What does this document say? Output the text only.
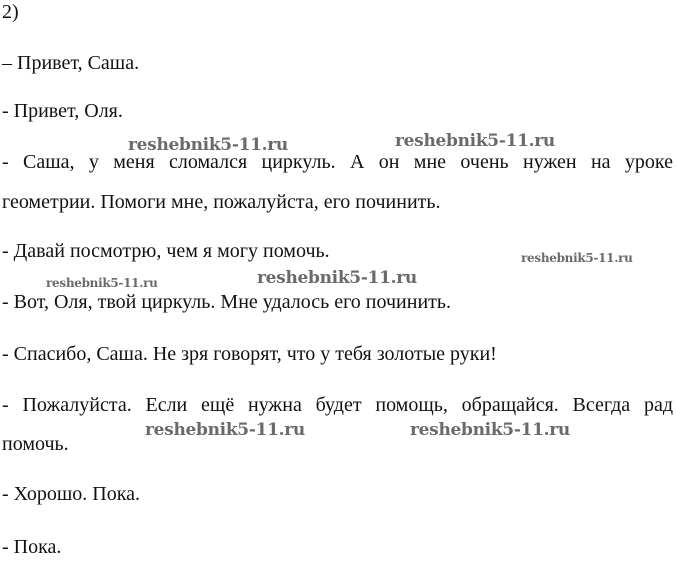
2)
– Привет, Саша.
- Привет, Оля.
- Саша, у меня сломался циркуль. А он мне очень нужен на уроке
геометрии. Помоги мне, пожалуйста, его починить.
- Давай посмотрю, чем я могу помочь.
- Вот, Оля, твой циркуль. Мне удалось его починить.
- Спасибо, Саша. Не зря говорят, что у тебя золотые руки!
- Пожалуйста. Если ещё нужна будет помощь, обращайся. Всегда рад
помочь.
- Хорошо. Пока.
- Пока.
reshebnik5-11.ru	reshebnik5-11.ru
reshebnik5-11.ru
reshebnik5-11.ru	reshebnik5-11.ru
reshebnik5-11.ru	reshebnik5-11.ru
